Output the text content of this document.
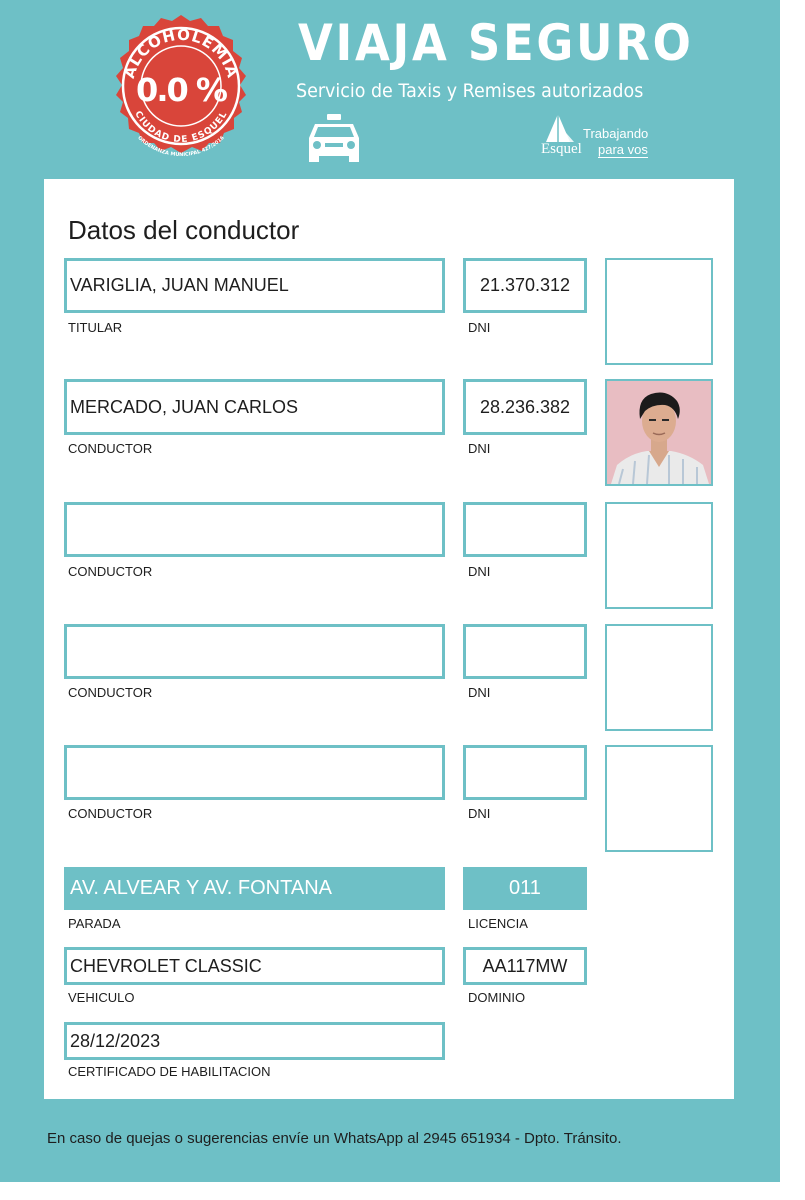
ALCOHOLEMIA
CIUDAD DE ESQUEL
ORDENANZA MUNICIPAL 427/2016
0.0 %
VIAJA SEGURO
Servicio de Taxis y Remises autorizados
Esquel
Trabajando
para vos
Datos del conductor
VARIGLIA, JUAN MANUEL
TITULAR
21.370.312
DNI
MERCADO, JUAN CARLOS
CONDUCTOR
28.236.382
DNI
CONDUCTOR	DNI
CONDUCTOR	DNI
CONDUCTOR	DNI
AV. ALVEAR Y AV. FONTANA
PARADA
011
LICENCIA
CHEVROLET CLASSIC
VEHICULO
AA117MW
DOMINIO
28/12/2023
CERTIFICADO DE HABILITACION
En caso de quejas o sugerencias envíe un WhatsApp al 2945 651934 - Dpto. Tránsito.
